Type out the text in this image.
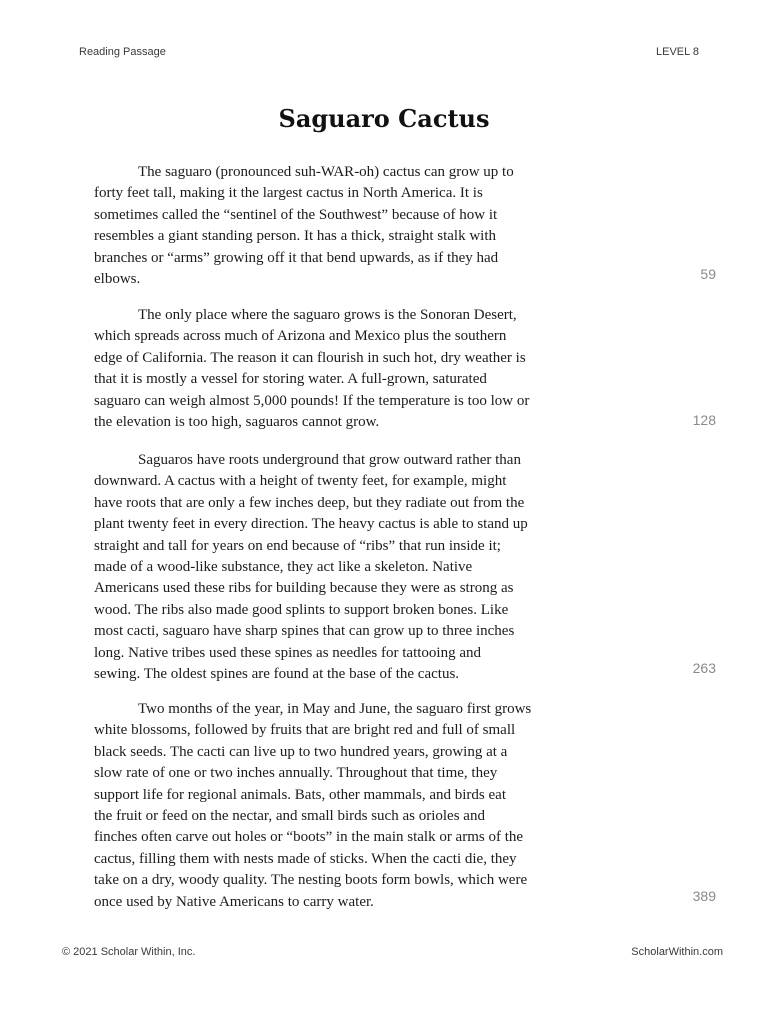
Reading Passage	LEVEL 8
Saguaro Cactus

The saguaro (pronounced suh-WAR-oh) cactus can grow up to
forty feet tall, making it the largest cactus in North America. It is
sometimes called the “sentinel of the Southwest” because of how it
resembles a giant standing person. It has a thick, straight stalk with
branches or “arms” growing off it that bend upwards, as if they had
elbows.	59

The only place where the saguaro grows is the Sonoran Desert,
which spreads across much of Arizona and Mexico plus the southern
edge of California. The reason it can flourish in such hot, dry weather is
that it is mostly a vessel for storing water. A full-grown, saturated
saguaro can weigh almost 5,000 pounds! If the temperature is too low or
the elevation is too high, saguaros cannot grow.	128

Saguaros have roots underground that grow outward rather than
downward. A cactus with a height of twenty feet, for example, might
have roots that are only a few inches deep, but they radiate out from the
plant twenty feet in every direction. The heavy cactus is able to stand up
straight and tall for years on end because of “ribs” that run inside it;
made of a wood-like substance, they act like a skeleton. Native
Americans used these ribs for building because they were as strong as
wood. The ribs also made good splints to support broken bones. Like
most cacti, saguaro have sharp spines that can grow up to three inches
long. Native tribes used these spines as needles for tattooing and
sewing. The oldest spines are found at the base of the cactus.	263

Two months of the year, in May and June, the saguaro first grows
white blossoms, followed by fruits that are bright red and full of small
black seeds. The cacti can live up to two hundred years, growing at a
slow rate of one or two inches annually. Throughout that time, they
support life for regional animals. Bats, other mammals, and birds eat
the fruit or feed on the nectar, and small birds such as orioles and
finches often carve out holes or “boots” in the main stalk or arms of the
cactus, filling them with nests made of sticks. When the cacti die, they
take on a dry, woody quality. The nesting boots form bowls, which were
once used by Native Americans to carry water.	389
© 2021 Scholar Within, Inc.	ScholarWithin.com
